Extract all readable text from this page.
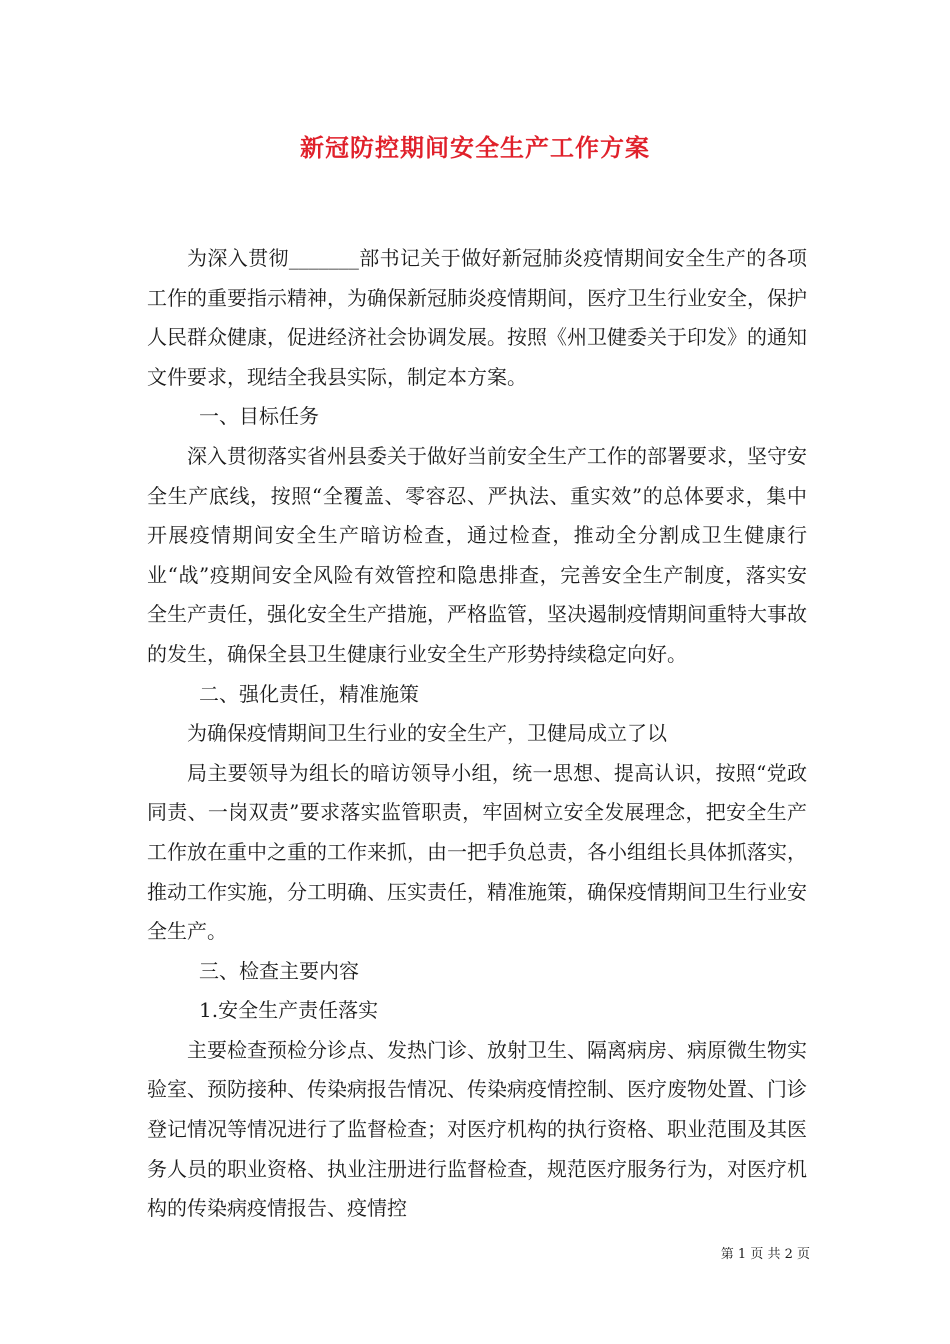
新冠防控期间安全生产工作方案

为深入贯彻_______部书记关于做好新冠肺炎疫情期间安全生产的各项工作的重要指示精神，为确保新冠肺炎疫情期间，医疗卫生行业安全，保护人民群众健康，促进经济社会协调发展。按照《州卫健委关于印发》的通知文件要求，现结全我县实际，制定本方案。

一、目标任务

深入贯彻落实省州县委关于做好当前安全生产工作的部署要求，坚守安全生产底线，按照“全覆盖、零容忍、严执法、重实效”的总体要求，集中开展疫情期间安全生产暗访检查，通过检查，推动全分割成卫生健康行业“战”疫期间安全风险有效管控和隐患排查，完善安全生产制度，落实安全生产责任，强化安全生产措施，严格监管，坚决遏制疫情期间重特大事故的发生，确保全县卫生健康行业安全生产形势持续稳定向好。

二、强化责任，精准施策

为确保疫情期间卫生行业的安全生产，卫健局成立了以

局主要领导为组长的暗访领导小组，统一思想、提高认识，按照“党政同责、一岗双责”要求落实监管职责，牢固树立安全发展理念，把安全生产工作放在重中之重的工作来抓，由一把手负总责，各小组组长具体抓落实，推动工作实施，分工明确、压实责任，精准施策，确保疫情期间卫生行业安全生产。

三、检查主要内容

1.安全生产责任落实

主要检查预检分诊点、发热门诊、放射卫生、隔离病房、病原微生物实验室、预防接种、传染病报告情况、传染病疫情控制、医疗废物处置、门诊登记情况等情况进行了监督检查；对医疗机构的执行资格、职业范围及其医务人员的职业资格、执业注册进行监督检查，规范医疗服务行为，对医疗机构的传染病疫情报告、疫情控

第 1 页 共 2 页
